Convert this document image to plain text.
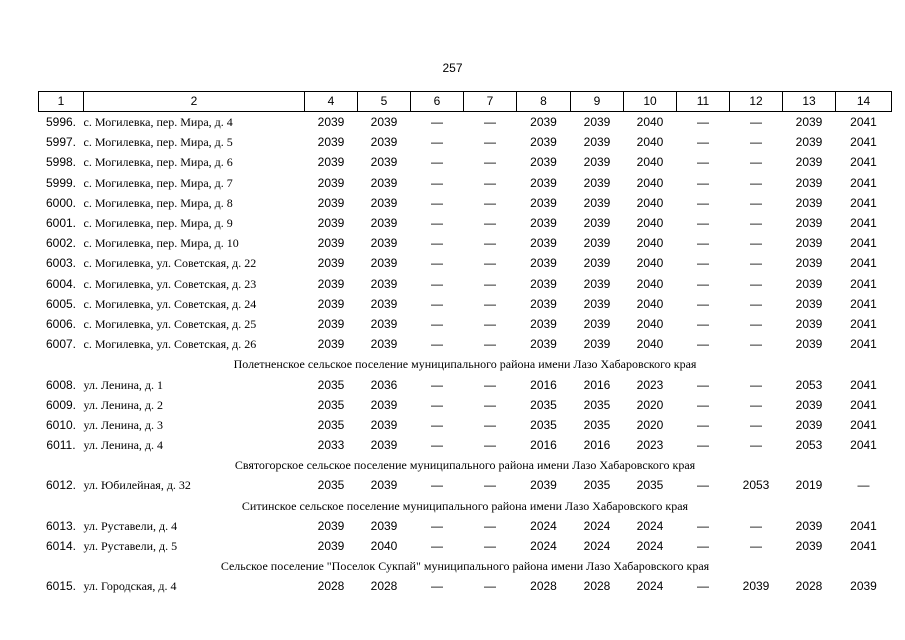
257
1	2	4	5	6	7	8	9	10	11	12	13	14
5996.	с. Могилевка, пер. Мира, д. 4	2039	2039	—	—	2039	2039	2040	—	—	2039	2041
5997.	с. Могилевка, пер. Мира, д. 5	2039	2039	—	—	2039	2039	2040	—	—	2039	2041
5998.	с. Могилевка, пер. Мира, д. 6	2039	2039	—	—	2039	2039	2040	—	—	2039	2041
5999.	с. Могилевка, пер. Мира, д. 7	2039	2039	—	—	2039	2039	2040	—	—	2039	2041
6000.	с. Могилевка, пер. Мира, д. 8	2039	2039	—	—	2039	2039	2040	—	—	2039	2041
6001.	с. Могилевка, пер. Мира, д. 9	2039	2039	—	—	2039	2039	2040	—	—	2039	2041
6002.	с. Могилевка, пер. Мира, д. 10	2039	2039	—	—	2039	2039	2040	—	—	2039	2041
6003.	с. Могилевка, ул. Советская, д. 22	2039	2039	—	—	2039	2039	2040	—	—	2039	2041
6004.	с. Могилевка, ул. Советская, д. 23	2039	2039	—	—	2039	2039	2040	—	—	2039	2041
6005.	с. Могилевка, ул. Советская, д. 24	2039	2039	—	—	2039	2039	2040	—	—	2039	2041
6006.	с. Могилевка, ул. Советская, д. 25	2039	2039	—	—	2039	2039	2040	—	—	2039	2041
6007.	с. Могилевка, ул. Советская, д. 26	2039	2039	—	—	2039	2039	2040	—	—	2039	2041
Полетненское сельское поселение муниципального района имени Лазо Хабаровского края												
6008.	ул. Ленина, д. 1	2035	2036	—	—	2016	2016	2023	—	—	2053	2041
6009.	ул. Ленина, д. 2	2035	2039	—	—	2035	2035	2020	—	—	2039	2041
6010.	ул. Ленина, д. 3	2035	2039	—	—	2035	2035	2020	—	—	2039	2041
6011.	ул. Ленина, д. 4	2033	2039	—	—	2016	2016	2023	—	—	2053	2041
Святогорское сельское поселение муниципального района имени Лазо Хабаровского края												
6012.	ул. Юбилейная, д. 32	2035	2039	—	—	2039	2035	2035	—	2053	2019	—
Ситинское сельское поселение муниципального района имени Лазо Хабаровского края												
6013.	ул. Руставели, д. 4	2039	2039	—	—	2024	2024	2024	—	—	2039	2041
6014.	ул. Руставели, д. 5	2039	2040	—	—	2024	2024	2024	—	—	2039	2041
Сельское поселение "Поселок Сукпай" муниципального района имени Лазо Хабаровского края												
6015.	ул. Городская, д. 4	2028	2028	—	—	2028	2028	2024	—	2039	2028	2039
